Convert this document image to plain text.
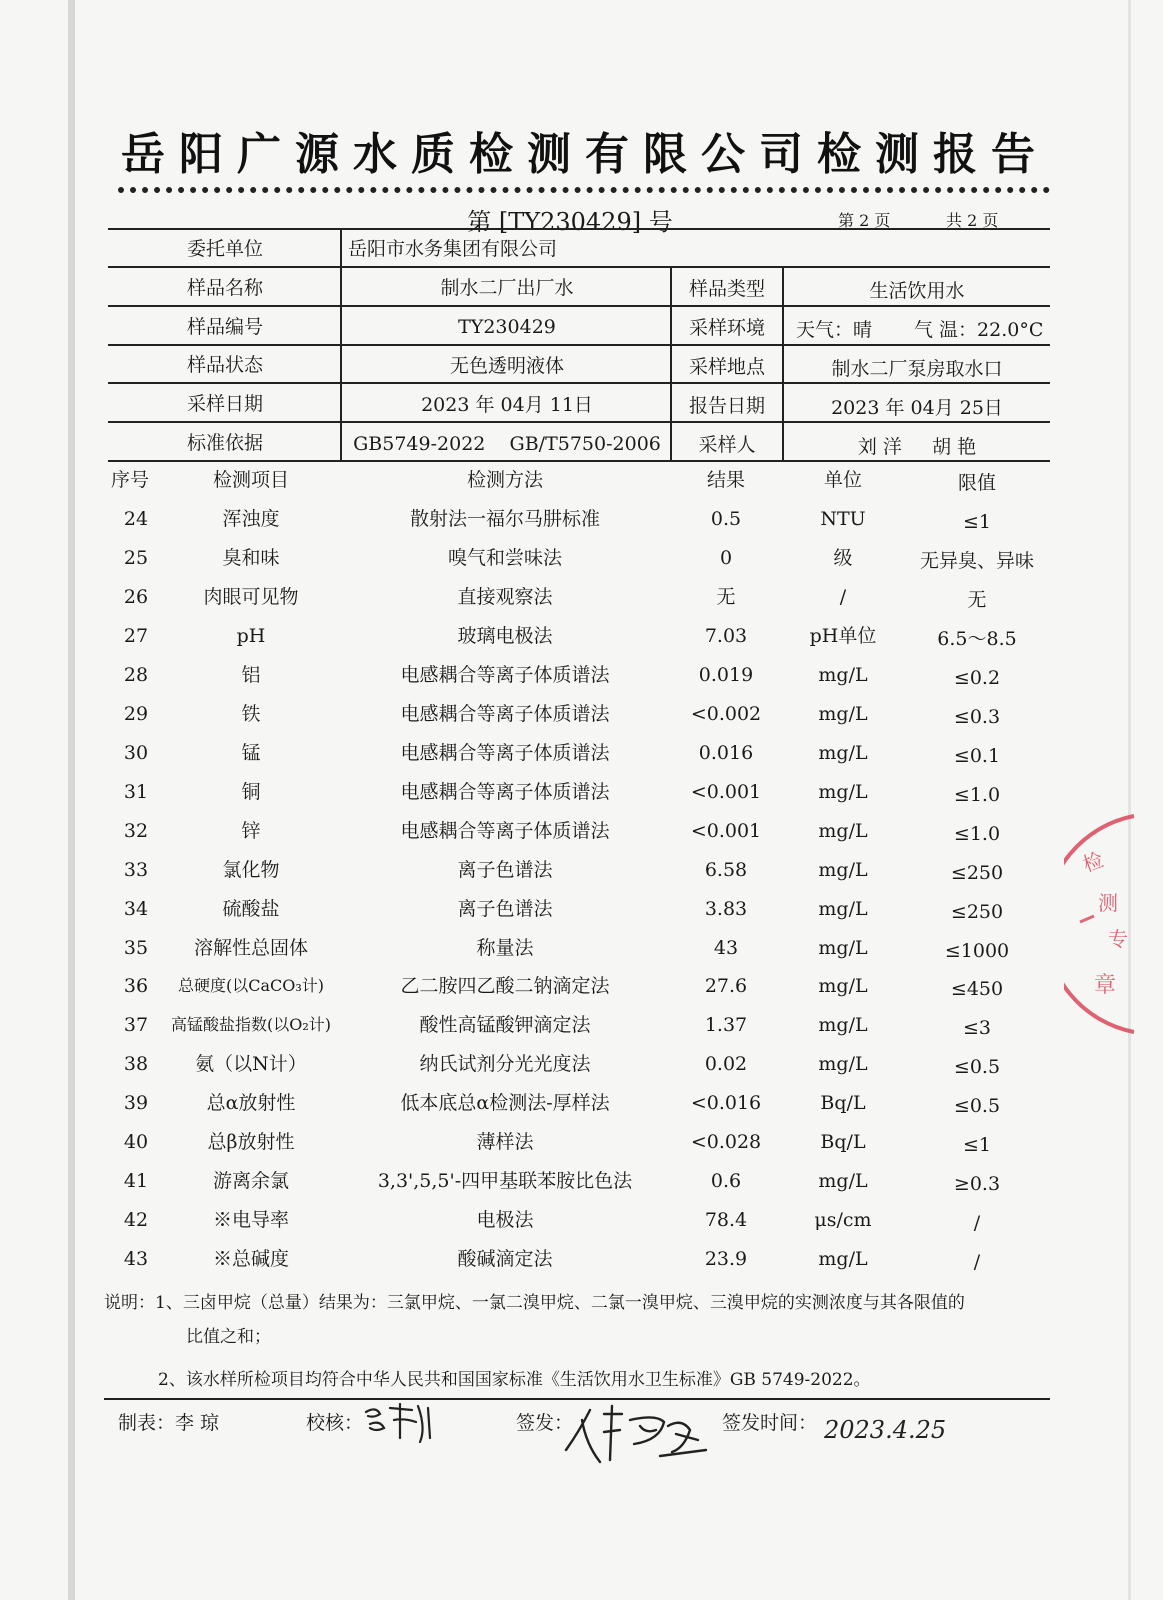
岳阳广源水质检测有限公司检测报告
第 [TY230429] 号	第 2 页	共 2 页
委托单位	岳阳市水务集团有限公司
样品名称	制水二厂出厂水	样品类型	生活饮用水
样品编号	TY230429	采样环境	天气：晴 气 温：22.0°C
样品状态	无色透明液体	采样地点	制水二厂泵房取水口
采样日期	2023 年 04月 11日	报告日期	2023 年 04月 25日
标准依据	GB5749-2022    GB/T5750-2006	采样人	刘 洋     胡 艳
序号	检测项目	检测方法	结果	单位	限值
24	浑浊度	散射法一福尔马肼标准	0.5	NTU	≤1
25	臭和味	嗅气和尝味法	0	级	无异臭、异味
26	肉眼可见物	直接观察法	无	/	无
27	pH	玻璃电极法	7.03	pH单位	6.5～8.5
28	铝	电感耦合等离子体质谱法	0.019	mg/L	≤0.2
29	铁	电感耦合等离子体质谱法	<0.002	mg/L	≤0.3
30	锰	电感耦合等离子体质谱法	0.016	mg/L	≤0.1
31	铜	电感耦合等离子体质谱法	<0.001	mg/L	≤1.0
32	锌	电感耦合等离子体质谱法	<0.001	mg/L	≤1.0
33	氯化物	离子色谱法	6.58	mg/L	≤250
34	硫酸盐	离子色谱法	3.83	mg/L	≤250
35	溶解性总固体	称量法	43	mg/L	≤1000
36	总硬度(以CaCO₃计)	乙二胺四乙酸二钠滴定法	27.6	mg/L	≤450
37	高锰酸盐指数(以O₂计)	酸性高锰酸钾滴定法	1.37	mg/L	≤3
38	氨（以N计）	纳氏试剂分光光度法	0.02	mg/L	≤0.5
39	总α放射性	低本底总α检测法-厚样法	<0.016	Bq/L	≤0.5
40	总β放射性	薄样法	<0.028	Bq/L	≤1
41	游离余氯	3,3',5,5'-四甲基联苯胺比色法	0.6	mg/L	≥0.3
42	※电导率	电极法	78.4	μs/cm	/
43	※总碱度	酸碱滴定法	23.9	mg/L	/
说明：1、三卤甲烷（总量）结果为：三氯甲烷、一氯二溴甲烷、二氯一溴甲烷、三溴甲烷的实测浓度与其各限值的
比值之和；
2、该水样所检项目均符合中华人民共和国国家标准《生活饮用水卫生标准》GB 5749-2022。
制表：李 琼	校核：	签发：	签发时间： 2023.4.25
检
测
专
章
